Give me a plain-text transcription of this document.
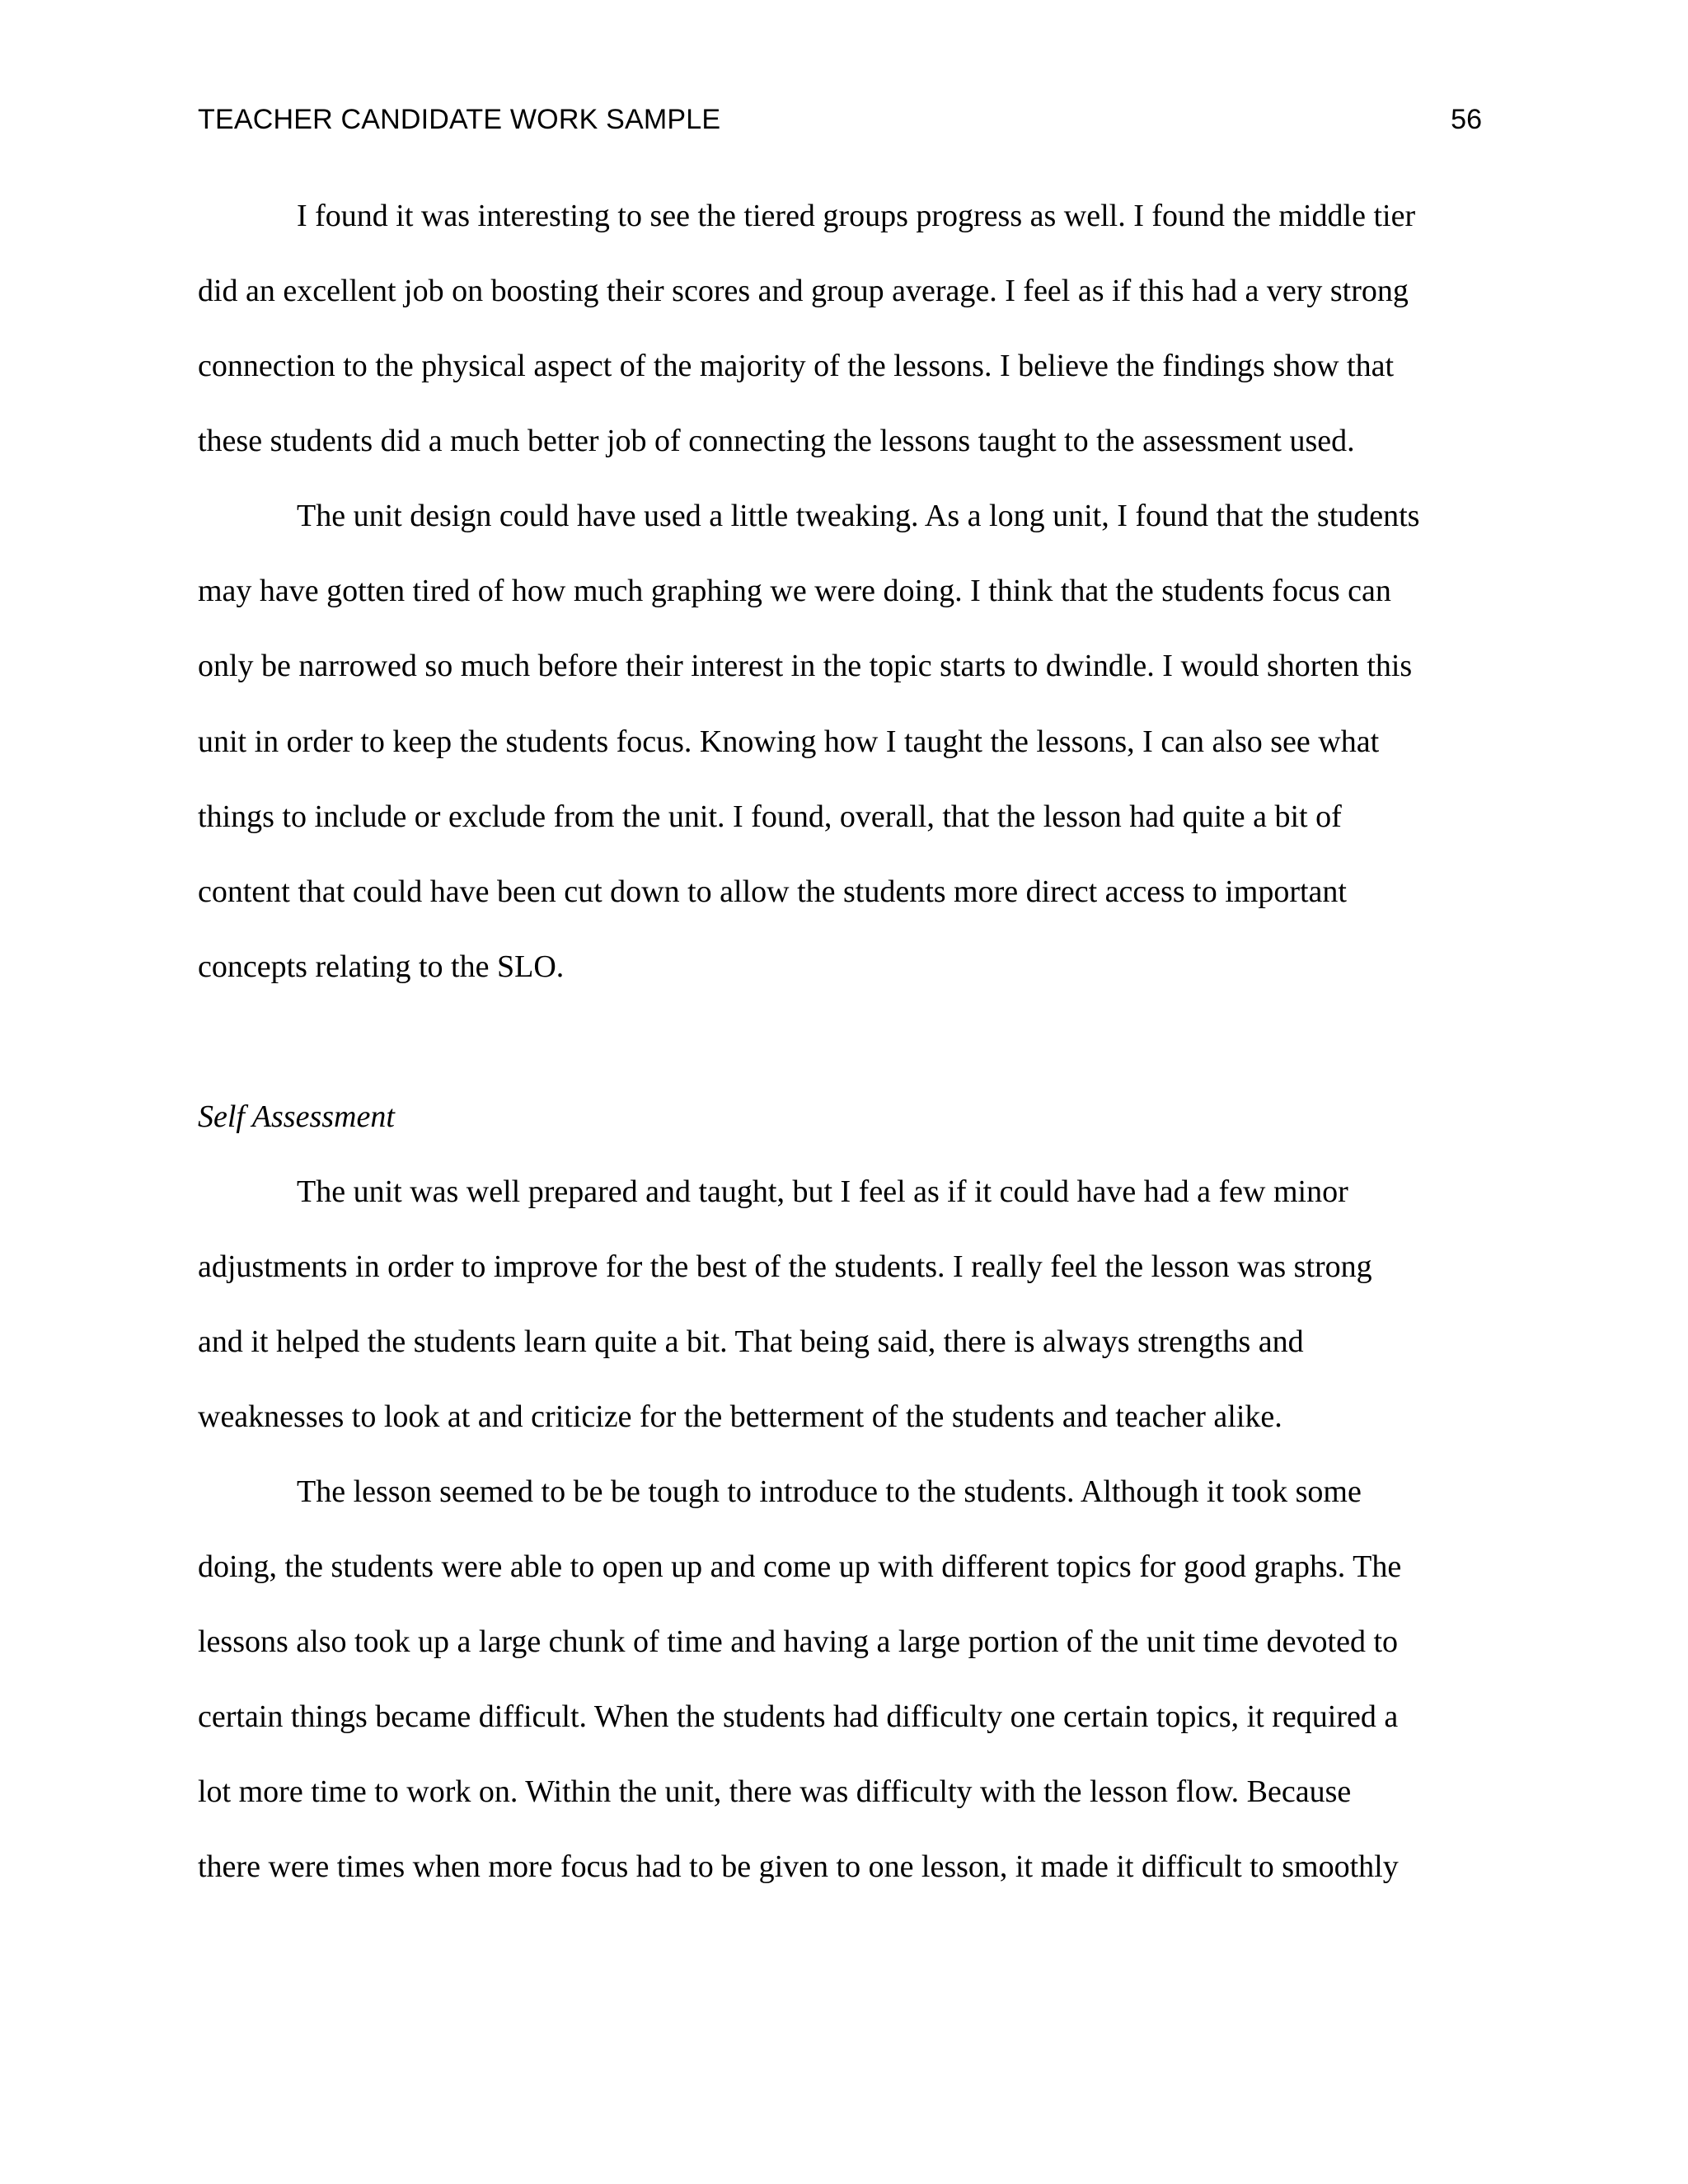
TEACHER CANDIDATE WORK SAMPLE	56
I found it was interesting to see the tiered groups progress as well. I found the middle tier
did an excellent job on boosting their scores and group average. I feel as if this had a very strong
connection to the physical aspect of the majority of the lessons. I believe the findings show that
these students did a much better job of connecting the lessons taught to the assessment used.
The unit design could have used a little tweaking. As a long unit, I found that the students
may have gotten tired of how much graphing we were doing. I think that the students focus can
only be narrowed so much before their interest in the topic starts to dwindle. I would shorten this
unit in order to keep the students focus. Knowing how I taught the lessons, I can also see what
things to include or exclude from the unit. I found, overall, that the lesson had quite a bit of
content that could have been cut down to allow the students more direct access to important
concepts relating to the SLO.
Self Assessment
The unit was well prepared and taught, but I feel as if it could have had a few minor
adjustments in order to improve for the best of the students. I really feel the lesson was strong
and it helped the students learn quite a bit. That being said, there is always strengths and
weaknesses to look at and criticize for the betterment of the students and teacher alike.
The lesson seemed to be be tough to introduce to the students. Although it took some
doing, the students were able to open up and come up with different topics for good graphs. The
lessons also took up a large chunk of time and having a large portion of the unit time devoted to
certain things became difficult. When the students had difficulty one certain topics, it required a
lot more time to work on. Within the unit, there was difficulty with the lesson flow. Because
there were times when more focus had to be given to one lesson, it made it difficult to smoothly
